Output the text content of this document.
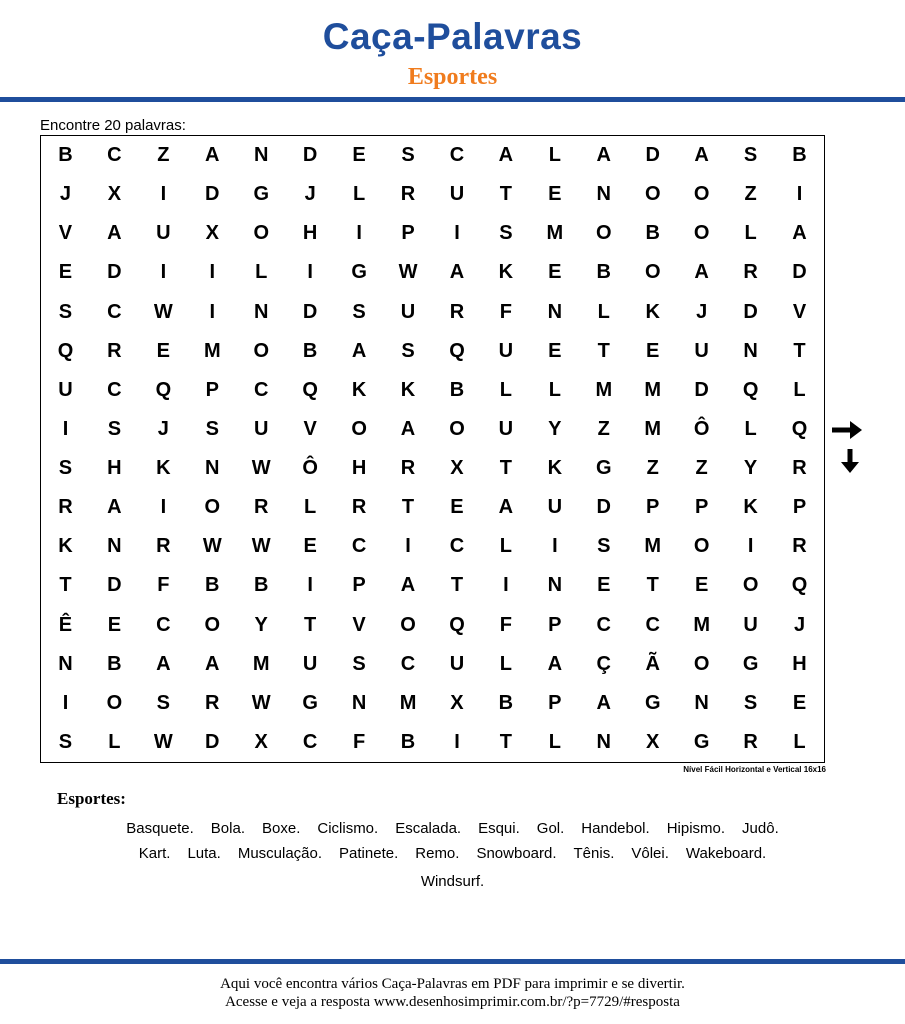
Caça-Palavras
Esportes
Encontre 20 palavras:
B	C	Z	A	N	D	E	S	C	A	L	A	D	A	S	B
J	X	I	D	G	J	L	R	U	T	E	N	O	O	Z	I
V	A	U	X	O	H	I	P	I	S	M	O	B	O	L	A
E	D	I	I	L	I	G	W	A	K	E	B	O	A	R	D
S	C	W	I	N	D	S	U	R	F	N	L	K	J	D	V
Q	R	E	M	O	B	A	S	Q	U	E	T	E	U	N	T
U	C	Q	P	C	Q	K	K	B	L	L	M	M	D	Q	L
I	S	J	S	U	V	O	A	O	U	Y	Z	M	Ô	L	Q
S	H	K	N	W	Ô	H	R	X	T	K	G	Z	Z	Y	R
R	A	I	O	R	L	R	T	E	A	U	D	P	P	K	P
K	N	R	W	W	E	C	I	C	L	I	S	M	O	I	R
T	D	F	B	B	I	P	A	T	I	N	E	T	E	O	Q
Ê	E	C	O	Y	T	V	O	Q	F	P	C	C	M	U	J
N	B	A	A	M	U	S	C	U	L	A	Ç	Ã	O	G	H
I	O	S	R	W	G	N	M	X	B	P	A	G	N	S	E
S	L	W	D	X	C	F	B	I	T	L	N	X	G	R	L
Nível Fácil Horizontal e Vertical 16x16
Esportes:
Basquete. Bola. Boxe. Ciclismo. Escalada. Esqui. Gol. Handebol. Hipismo. Judô.
Kart. Luta. Musculação. Patinete. Remo. Snowboard. Tênis. Vôlei. Wakeboard.
Windsurf.
Aqui você encontra vários Caça-Palavras em PDF para imprimir e se divertir.
Acesse e veja a resposta www.desenhosimprimir.com.br/?p=7729/#resposta
